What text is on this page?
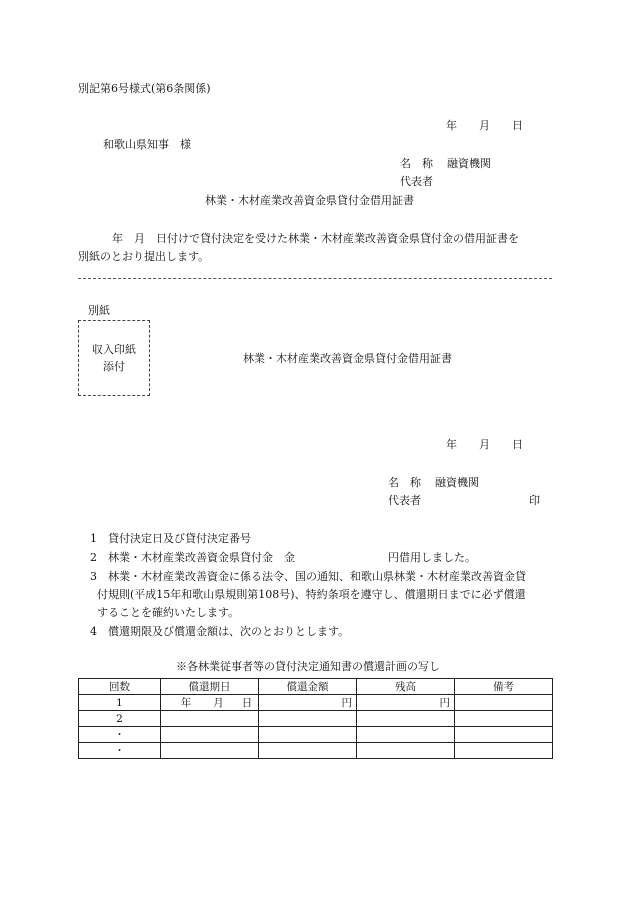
別記第6号様式(第6条関係)
年　　月　　日
和歌山県知事　様
名　称 融資機関
代表者
林業・木材産業改善資金県貸付金借用証書
年　月　日付けで貸付決定を受けた林業・木材産業改善資金県貸付金の借用証書を
別紙のとおり提出します。
別紙
収入印紙
添付
林業・木材産業改善資金県貸付金借用証書
年　　月　　日
名　称 融資機関
代表者	印
1　貸付決定日及び貸付決定番号
2　林業・木材産業改善資金県貸付金　金	円借用しました。
3　林業・木材産業改善資金に係る法令、国の通知、和歌山県林業・木材産業改善資金貸
付規則(平成15年和歌山県規則第108号)、特約条項を遵守し、償還期日までに必ず償還
することを確約いたします。
4　償還期限及び償還金額は、次のとおりとします。
※各林業従事者等の貸付決定通知書の償還計画の写し
回数	償還期日	償還金額	残高	備考
1	年 月 日	円	円	
2				
・				
・				
